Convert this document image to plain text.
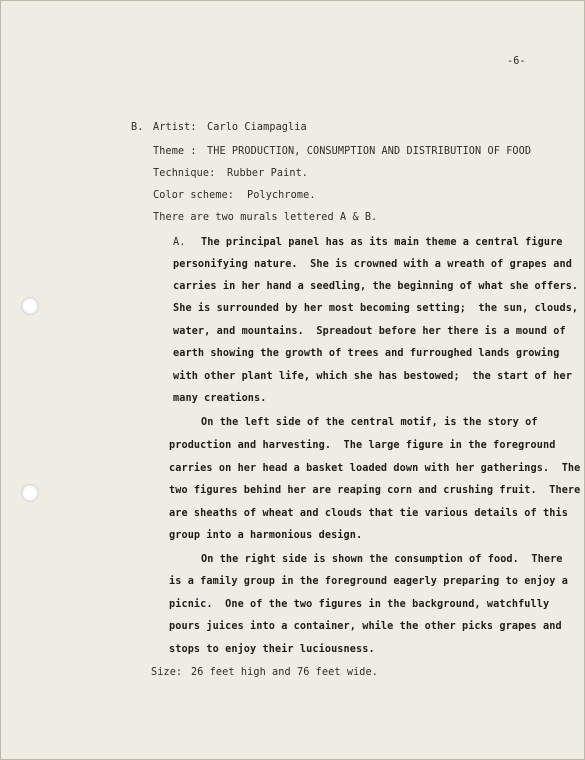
-6-
B. Artist: Carlo Ciampaglia
Theme : THE PRODUCTION, CONSUMPTION AND DISTRIBUTION OF FOOD
Technique: Rubber Paint.
Color scheme: Polychrome.
There are two murals lettered A & B.
A. The principal panel has as its main theme a central figure
personifying nature.  She is crowned with a wreath of grapes and
carries in her hand a seedling, the beginning of what she offers.
She is surrounded by her most becoming setting;  the sun, clouds,
water, and mountains.  Spreadout before her there is a mound of
earth showing the growth of trees and furroughed lands growing
with other plant life, which she has bestowed;  the start of her
many creations.
On the left side of the central motif, is the story of
production and harvesting.  The large figure in the foreground
carries on her head a basket loaded down with her gatherings.  The
two figures behind her are reaping corn and crushing fruit.  There
are sheaths of wheat and clouds that tie various details of this
group into a harmonious design.
On the right side is shown the consumption of food.  There
is a family group in the foreground eagerly preparing to enjoy a
picnic.  One of the two figures in the background, watchfully
pours juices into a container, while the other picks grapes and
stops to enjoy their luciousness.
Size: 26 feet high and 76 feet wide.
